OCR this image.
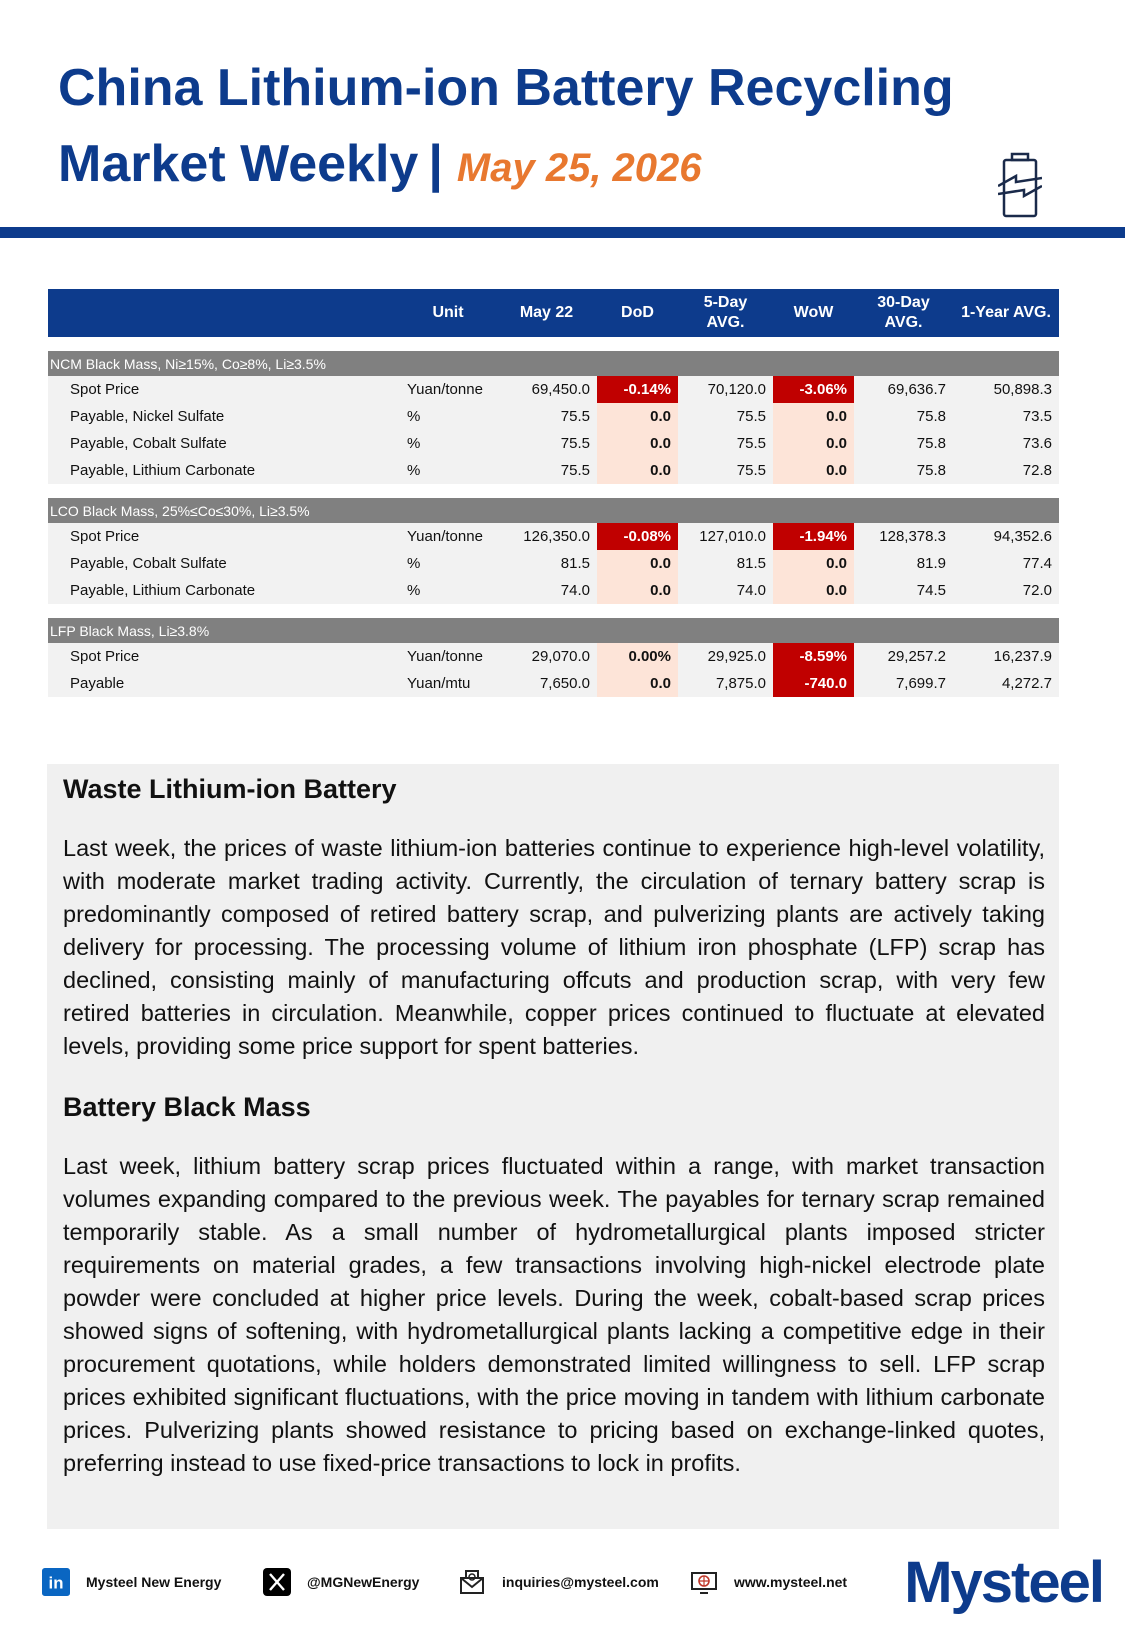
China Lithium-ion Battery Recycling
Market Weekly | May 25, 2026
	Unit	May 22	DoD	5-Day AVG.	WoW	30-Day AVG.	1-Year AVG.

NCM Black Mass, Ni≥15%, Co≥8%, Li≥3.5%							
Spot Price	Yuan/tonne	69,450.0	-0.14%	70,120.0	-3.06%	69,636.7	50,898.3
Payable, Nickel Sulfate	%	75.5	0.0	75.5	0.0	75.8	73.5
Payable, Cobalt Sulfate	%	75.5	0.0	75.5	0.0	75.8	73.6
Payable, Lithium Carbonate	%	75.5	0.0	75.5	0.0	75.8	72.8

LCO Black Mass, 25%≤Co≤30%, Li≥3.5%							
Spot Price	Yuan/tonne	126,350.0	-0.08%	127,010.0	-1.94%	128,378.3	94,352.6
Payable, Cobalt Sulfate	%	81.5	0.0	81.5	0.0	81.9	77.4
Payable, Lithium Carbonate	%	74.0	0.0	74.0	0.0	74.5	72.0

LFP Black Mass, Li≥3.8%							
Spot Price	Yuan/tonne	29,070.0	0.00%	29,925.0	-8.59%	29,257.2	16,237.9
Payable	Yuan/mtu	7,650.0	0.0	7,875.0	-740.0	7,699.7	4,272.7
Waste Lithium-ion Battery

Last week, the prices of waste lithium-ion batteries continue to experience high-level volatility, with moderate market trading activity. Currently, the circulation of ternary battery scrap is predominantly composed of retired battery scrap, and pulverizing plants are actively taking delivery for processing. The processing volume of lithium iron phosphate (LFP) scrap has declined, consisting mainly of manufacturing offcuts and production scrap, with very few retired batteries in circulation. Meanwhile, copper prices continued to fluctuate at elevated levels, providing some price support for spent batteries.

Battery Black Mass

Last week, lithium battery scrap prices fluctuated within a range, with market transaction volumes expanding compared to the previous week. The payables for ternary scrap remained temporarily stable. As a small number of hydrometallurgical plants imposed stricter requirements on material grades, a few transactions involving high-nickel electrode plate powder were concluded at higher price levels. During the week, cobalt-based scrap prices showed signs of softening, with hydrometallurgical plants lacking a competitive edge in their procurement quotations, while holders demonstrated limited willingness to sell. LFP scrap prices exhibited significant fluctuations, with the price moving in tandem with lithium carbonate prices. Pulverizing plants showed resistance to pricing based on exchange-linked quotes, preferring instead to use fixed-price transactions to lock in profits.

in Mysteel New Energy	@MGNewEnergy	inquiries@mysteel.com	www.mysteel.net Mysteel
